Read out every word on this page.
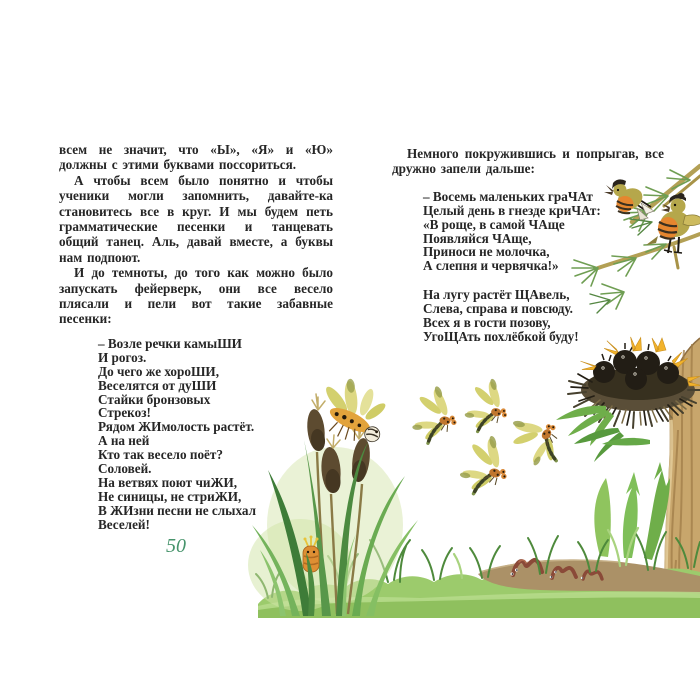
всем не значит, что «Ы», «Я» и «Ю» должны с этими буквами поссориться.

А чтобы всем было понятно и чтобы ученики могли запомнить, давайте-ка становитесь все в круг. И мы будем петь грамматические песенки и танцевать общий танец. Аль, давай вместе, а буквы нам подпоют.

И до темноты, до того как можно было запускать фейерверк, они все весело плясали и пели вот такие забавные песенки:

– Возле речки камыШИ
И рогоз.
До чего же хороШИ,
Веселятся от дуШИ
Стайки бронзовых
Стрекоз!
Рядом ЖИмолость растёт.
А на ней
Кто так весело поёт?
Соловей.
На ветвях поют чиЖИ,
Не синицы, не стриЖИ,
В ЖИзни песни не слыхал
Веселей!
50

Немного покружившись и попрыгав, все дружно запели дальше:

– Восемь маленьких граЧАт
Целый день в гнезде криЧАт:
«В роще, в самой ЧАще
Появляйся ЧАще,
Приноси не молочка,
А слепня и червячка!»
На лугу растёт ЩАвель,
Слева, справа и повсюду.
Всех я в гости позову,
УгоЩАть похлёбкой буду!
